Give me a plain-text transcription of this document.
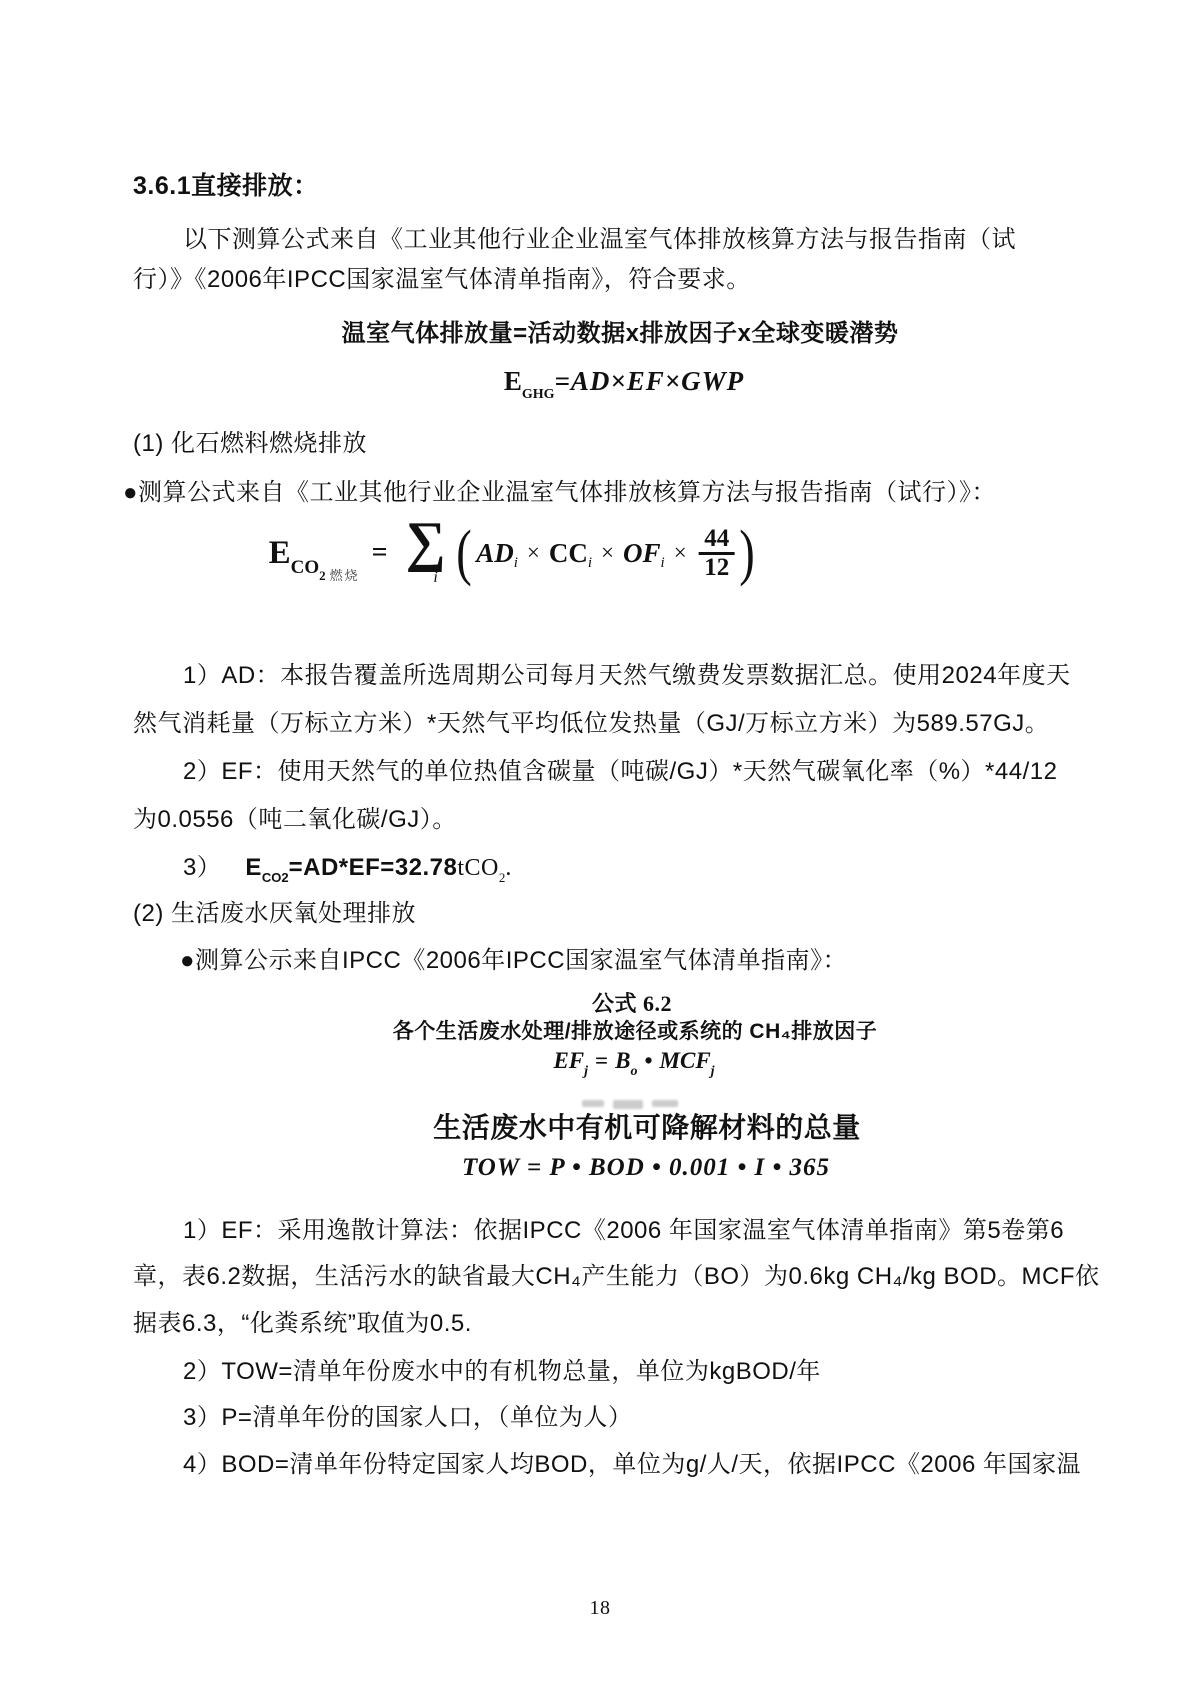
3.6.1直接排放：
以下测算公式来自《工业其他行业企业温室气体排放核算方法与报告指南（试
行）》《2006年IPCC国家温室气体清单指南》，符合要求。
温室气体排放量=活动数据x排放因子x全球变暖潜势
$E_{GHG}=AD\times EF\times GWP$
(1) 化石燃料燃烧排放
●测算公式来自《工业其他行业企业温室气体排放核算方法与报告指南（试行）》：
$ECO_2$ $_{燃烧}$
= ∑
i ( AD i × CC i × OF $i \times \frac{44}{12}$ )
1）AD：本报告覆盖所选周期公司每月天然气缴费发票数据汇总。使用2024年度天
然气消耗量（万标立方米）*天然气平均低位发热量（GJ/万标立方米）为589.57GJ。
2）EF：使用天然气的单位热值含碳量（吨碳/GJ）*天然气碳氧化率（%）*44/12
为0.0556（吨二氧化碳/GJ）。
3） $E_{CO2}=AD*EF=32.78tCO_2$.
(2) 生活废水厌氧处理排放
●测算公示来自IPCC《2006年IPCC国家温室气体清单指南》：
公式 6.2
各个生活废水处理/排放途径或系统的 CH₄排放因子
$EF_j = B_o$ • $MCF_j$
生活废水中有机可降解材料的总量
TOW = P • BOD • 0.001 • I • 365
1）EF：采用逸散计算法：依据IPCC《2006 年国家温室气体清单指南》第5卷第6
章，表6.2数据，生活污水的缺省最大CH₄产生能力（BO）为0.6kg CH₄/kg BOD。MCF依
据表6.3，“化粪系统”取值为0.5.
2）TOW=清单年份废水中的有机物总量，单位为kgBOD/年
3）P=清单年份的国家人口，（单位为人）
4）BOD=清单年份特定国家人均BOD，单位为g/人/天，依据IPCC《2006 年国家温
18
